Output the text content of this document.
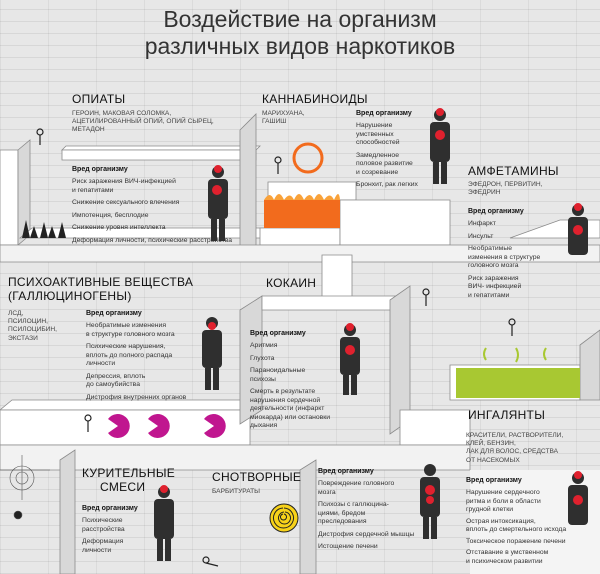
Воздействие на организм
различных видов наркотиков
ОПИАТЫ
ГЕРОИН, МАКОВАЯ СОЛОМКА,
АЦЕТИЛИРОВАННЫЙ ОПИЙ, ОПИЙ СЫРЕЦ,
МЕТАДОН
Вред организму
Риск заражения ВИЧ-инфекцией
и гепатитами
Снижение сексуального влечения
Импотенция, бесплодие
Снижение уровня интеллекта
Деформация личности, психические расстройства
КАННАБИНОИДЫ
МАРИХУАНА,
ГАШИШ
Вред организму
Нарушение
умственных
способностей
Замедленное
половое развитие
и созревание
Бронхит, рак легких
АМФЕТАМИНЫ
ЭФЕДРОН, ПЕРВИТИН,
ЭФЕДРИН
Вред организму
Инфаркт
Инсульт
Необратимые
изменения в структуре
головного мозга
Риск заражения
ВИЧ- инфекцией
и гепатитами
ПСИХОАКТИВНЫЕ ВЕЩЕСТВА
(ГАЛЛЮЦИНОГЕНЫ)
ЛСД,
ПСИЛОЦИН,
ПСИЛОЦИБИН,
ЭКСТАЗИ
Вред организму
Необратимые изменения
в структуре головного мозга
Психические нарушения,
вплоть до полного распада
личности
Депрессия, вплоть
до самоубийства
Дистрофия внутренних органов
КОКАИН
Вред организму
Аритмия
Глухота
Параноидальные
психозы
Смерть в результате
нарушения сердечной
деятельности (инфаркт
миокарда) или остановки
дыхания
ИНГАЛЯНТЫ
КРАСИТЕЛИ, РАСТВОРИТЕЛИ,
КЛЕЙ, БЕНЗИН,
ЛАК ДЛЯ ВОЛОС, СРЕДСТВА
ОТ НАСЕКОМЫХ
Вред организму
Нарушение сердечного
ритма и боли в области
грудной клетки
Острая интоксикация,
вплоть до смертельного исхода
Токсическое поражение печени
Отставание в умственном
и психическом развитии
КУРИТЕЛЬНЫЕ
СМЕСИ
Вред организму
Психические
расстройства
Деформация
личности
СНОТВОРНЫЕ
БАРБИТУРАТЫ
Вред организму
Повреждение головного
мозга
Психозы с галлюцина-
циями, бредом
преследования
Дистрофия сердечной мышцы
Истощение печени
